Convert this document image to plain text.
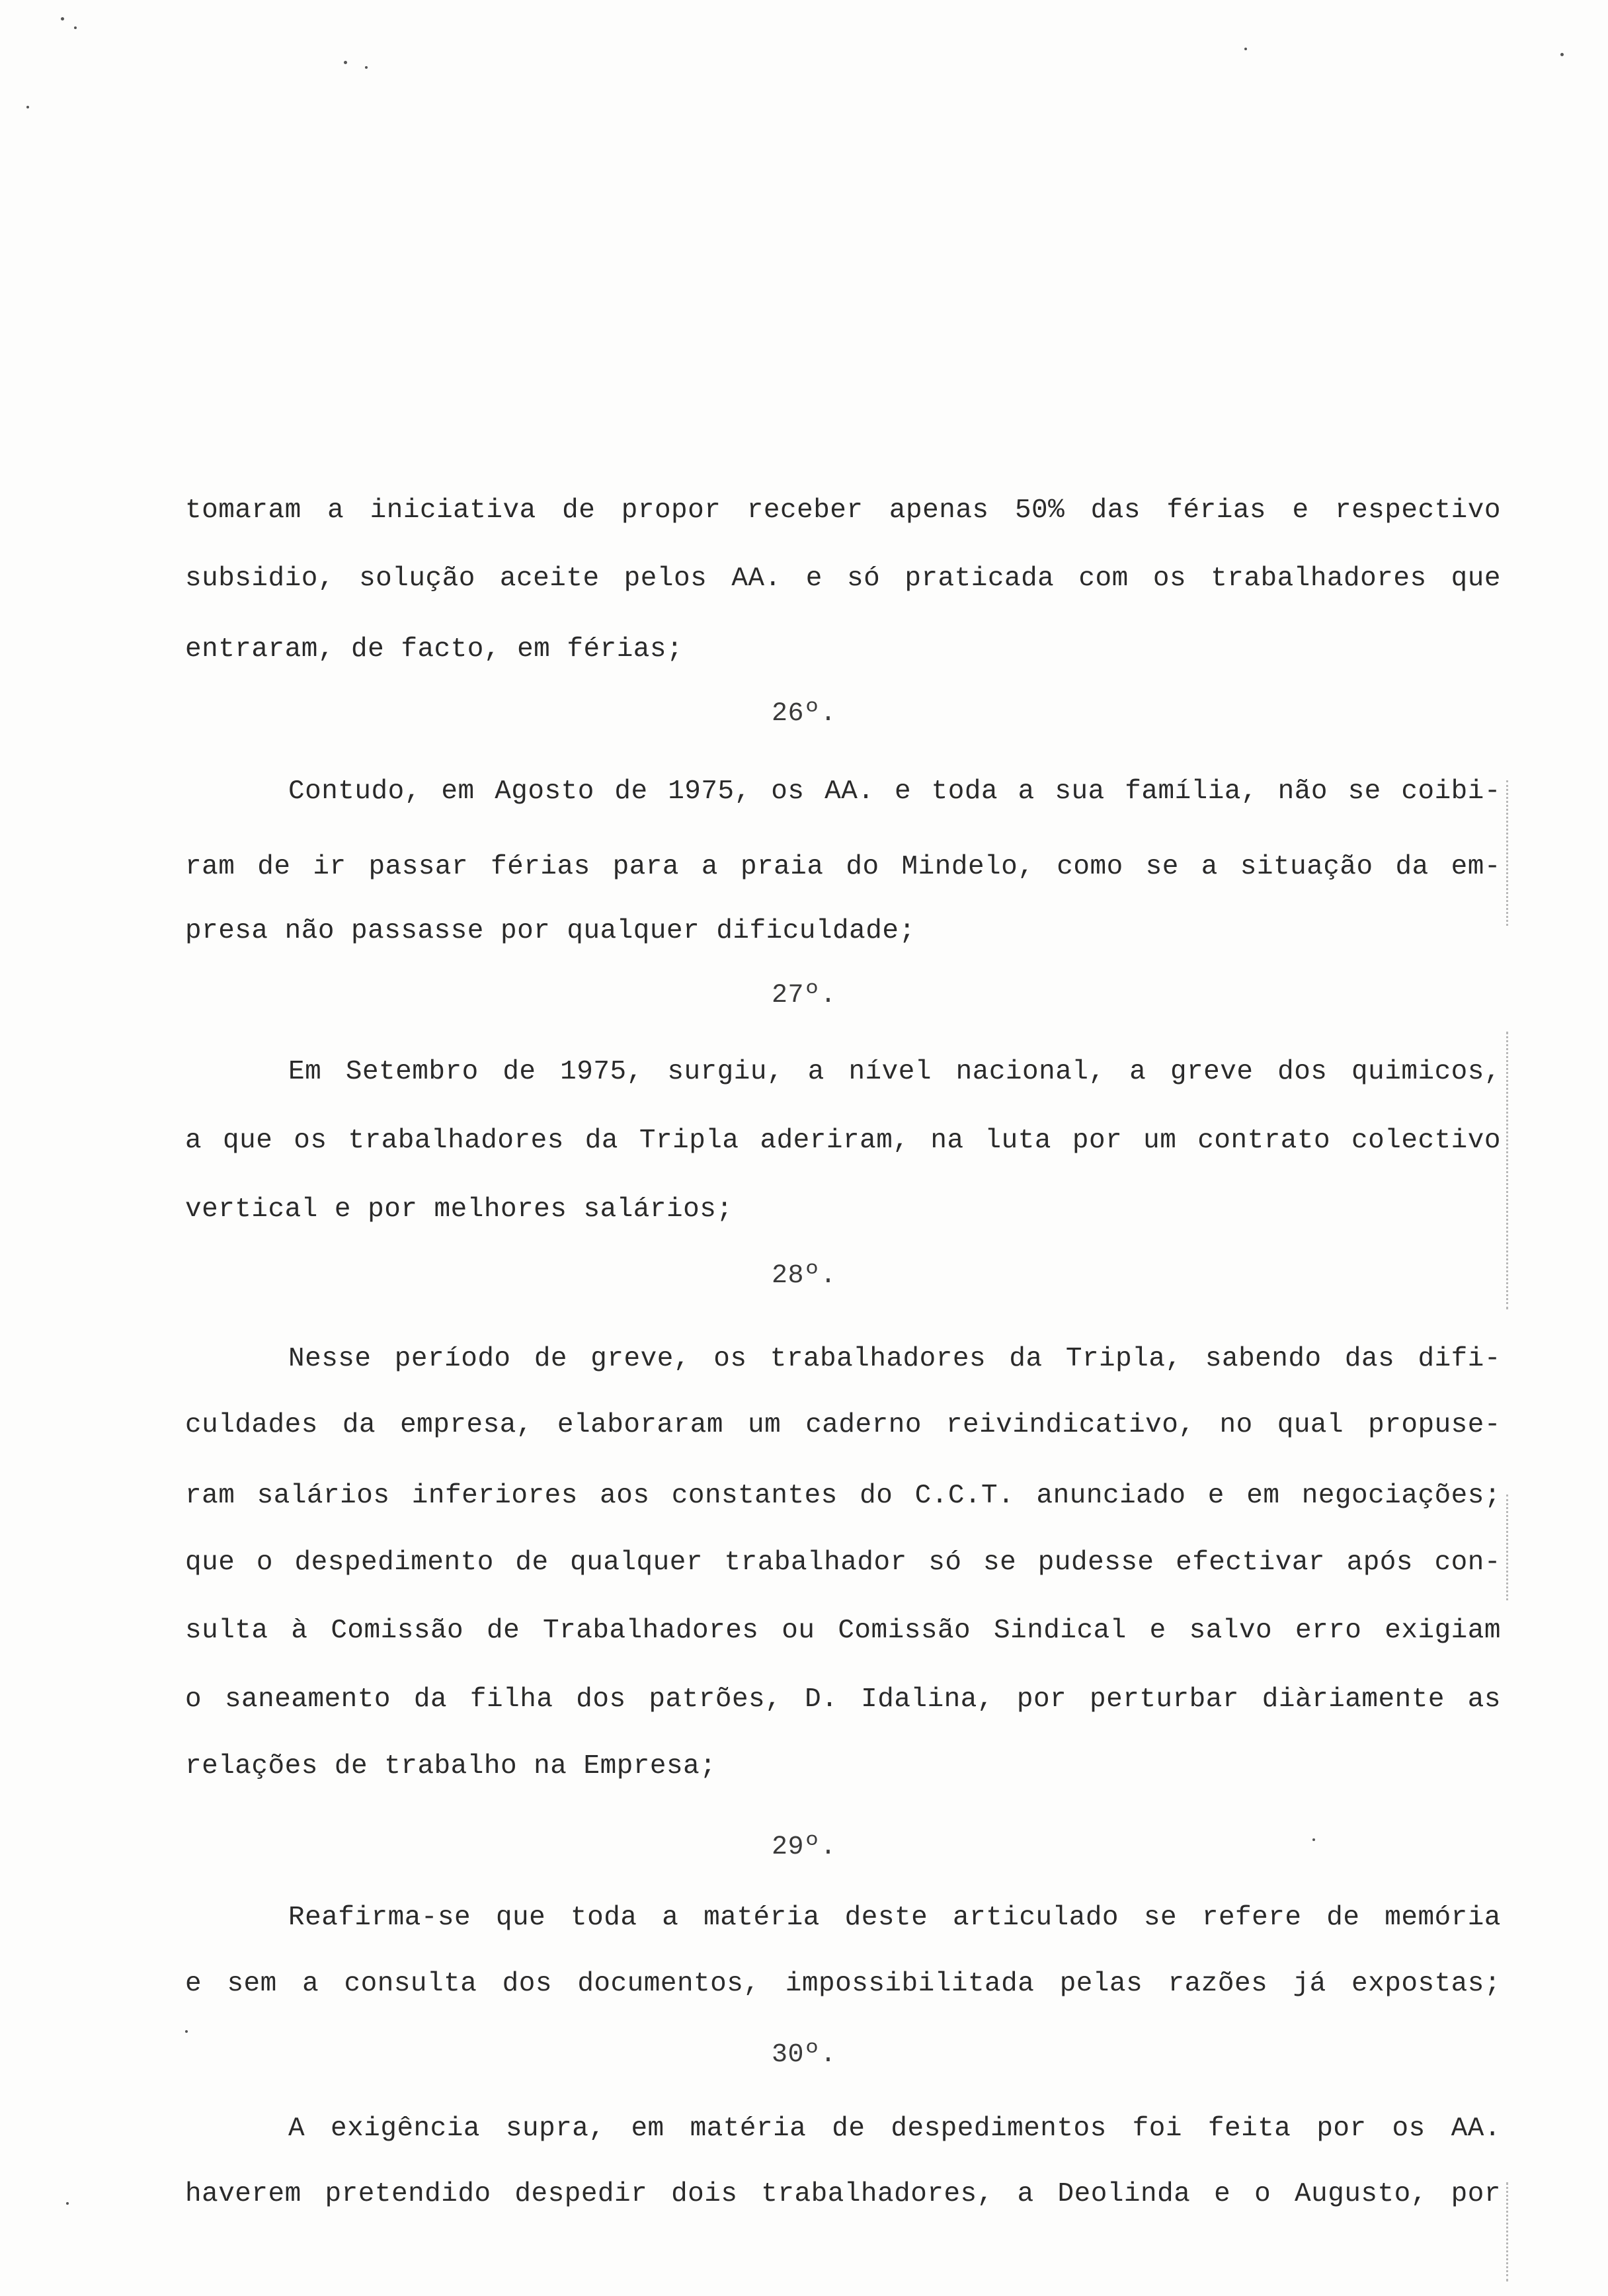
tomaram a iniciativa de propor receber apenas 50% das férias e respectivo
subsidio, solução aceite pelos AA. e só praticada com os trabalhadores que
entraram, de facto, em férias;
26º.
Contudo, em Agosto de 1975, os AA. e toda a sua família, não se coibi-
ram de ir passar férias para a praia do Mindelo, como se a situação da em-
presa não passasse por qualquer dificuldade;
27º.
Em Setembro de 1975, surgiu, a nível nacional, a greve dos quimicos,
a que os trabalhadores da Tripla aderiram, na luta por um contrato colectivo
vertical e por melhores salários;
28º.
Nesse período de greve, os trabalhadores da Tripla, sabendo das difi-
culdades da empresa, elaboraram um caderno reivindicativo, no qual propuse-
ram salários inferiores aos constantes do C.C.T. anunciado e em negociações;
que o despedimento de qualquer trabalhador só se pudesse efectivar após con-
sulta à Comissão de Trabalhadores ou Comissão Sindical e salvo erro exigiam
o saneamento da filha dos patrões, D. Idalina, por perturbar diàriamente as
relações de trabalho na Empresa;
29º.
Reafirma-se que toda a matéria deste articulado se refere de memória
e sem a consulta dos documentos, impossibilitada pelas razões já expostas;
30º.
A exigência supra, em matéria de despedimentos foi feita por os AA.
haverem pretendido despedir dois trabalhadores, a Deolinda e o Augusto, por
